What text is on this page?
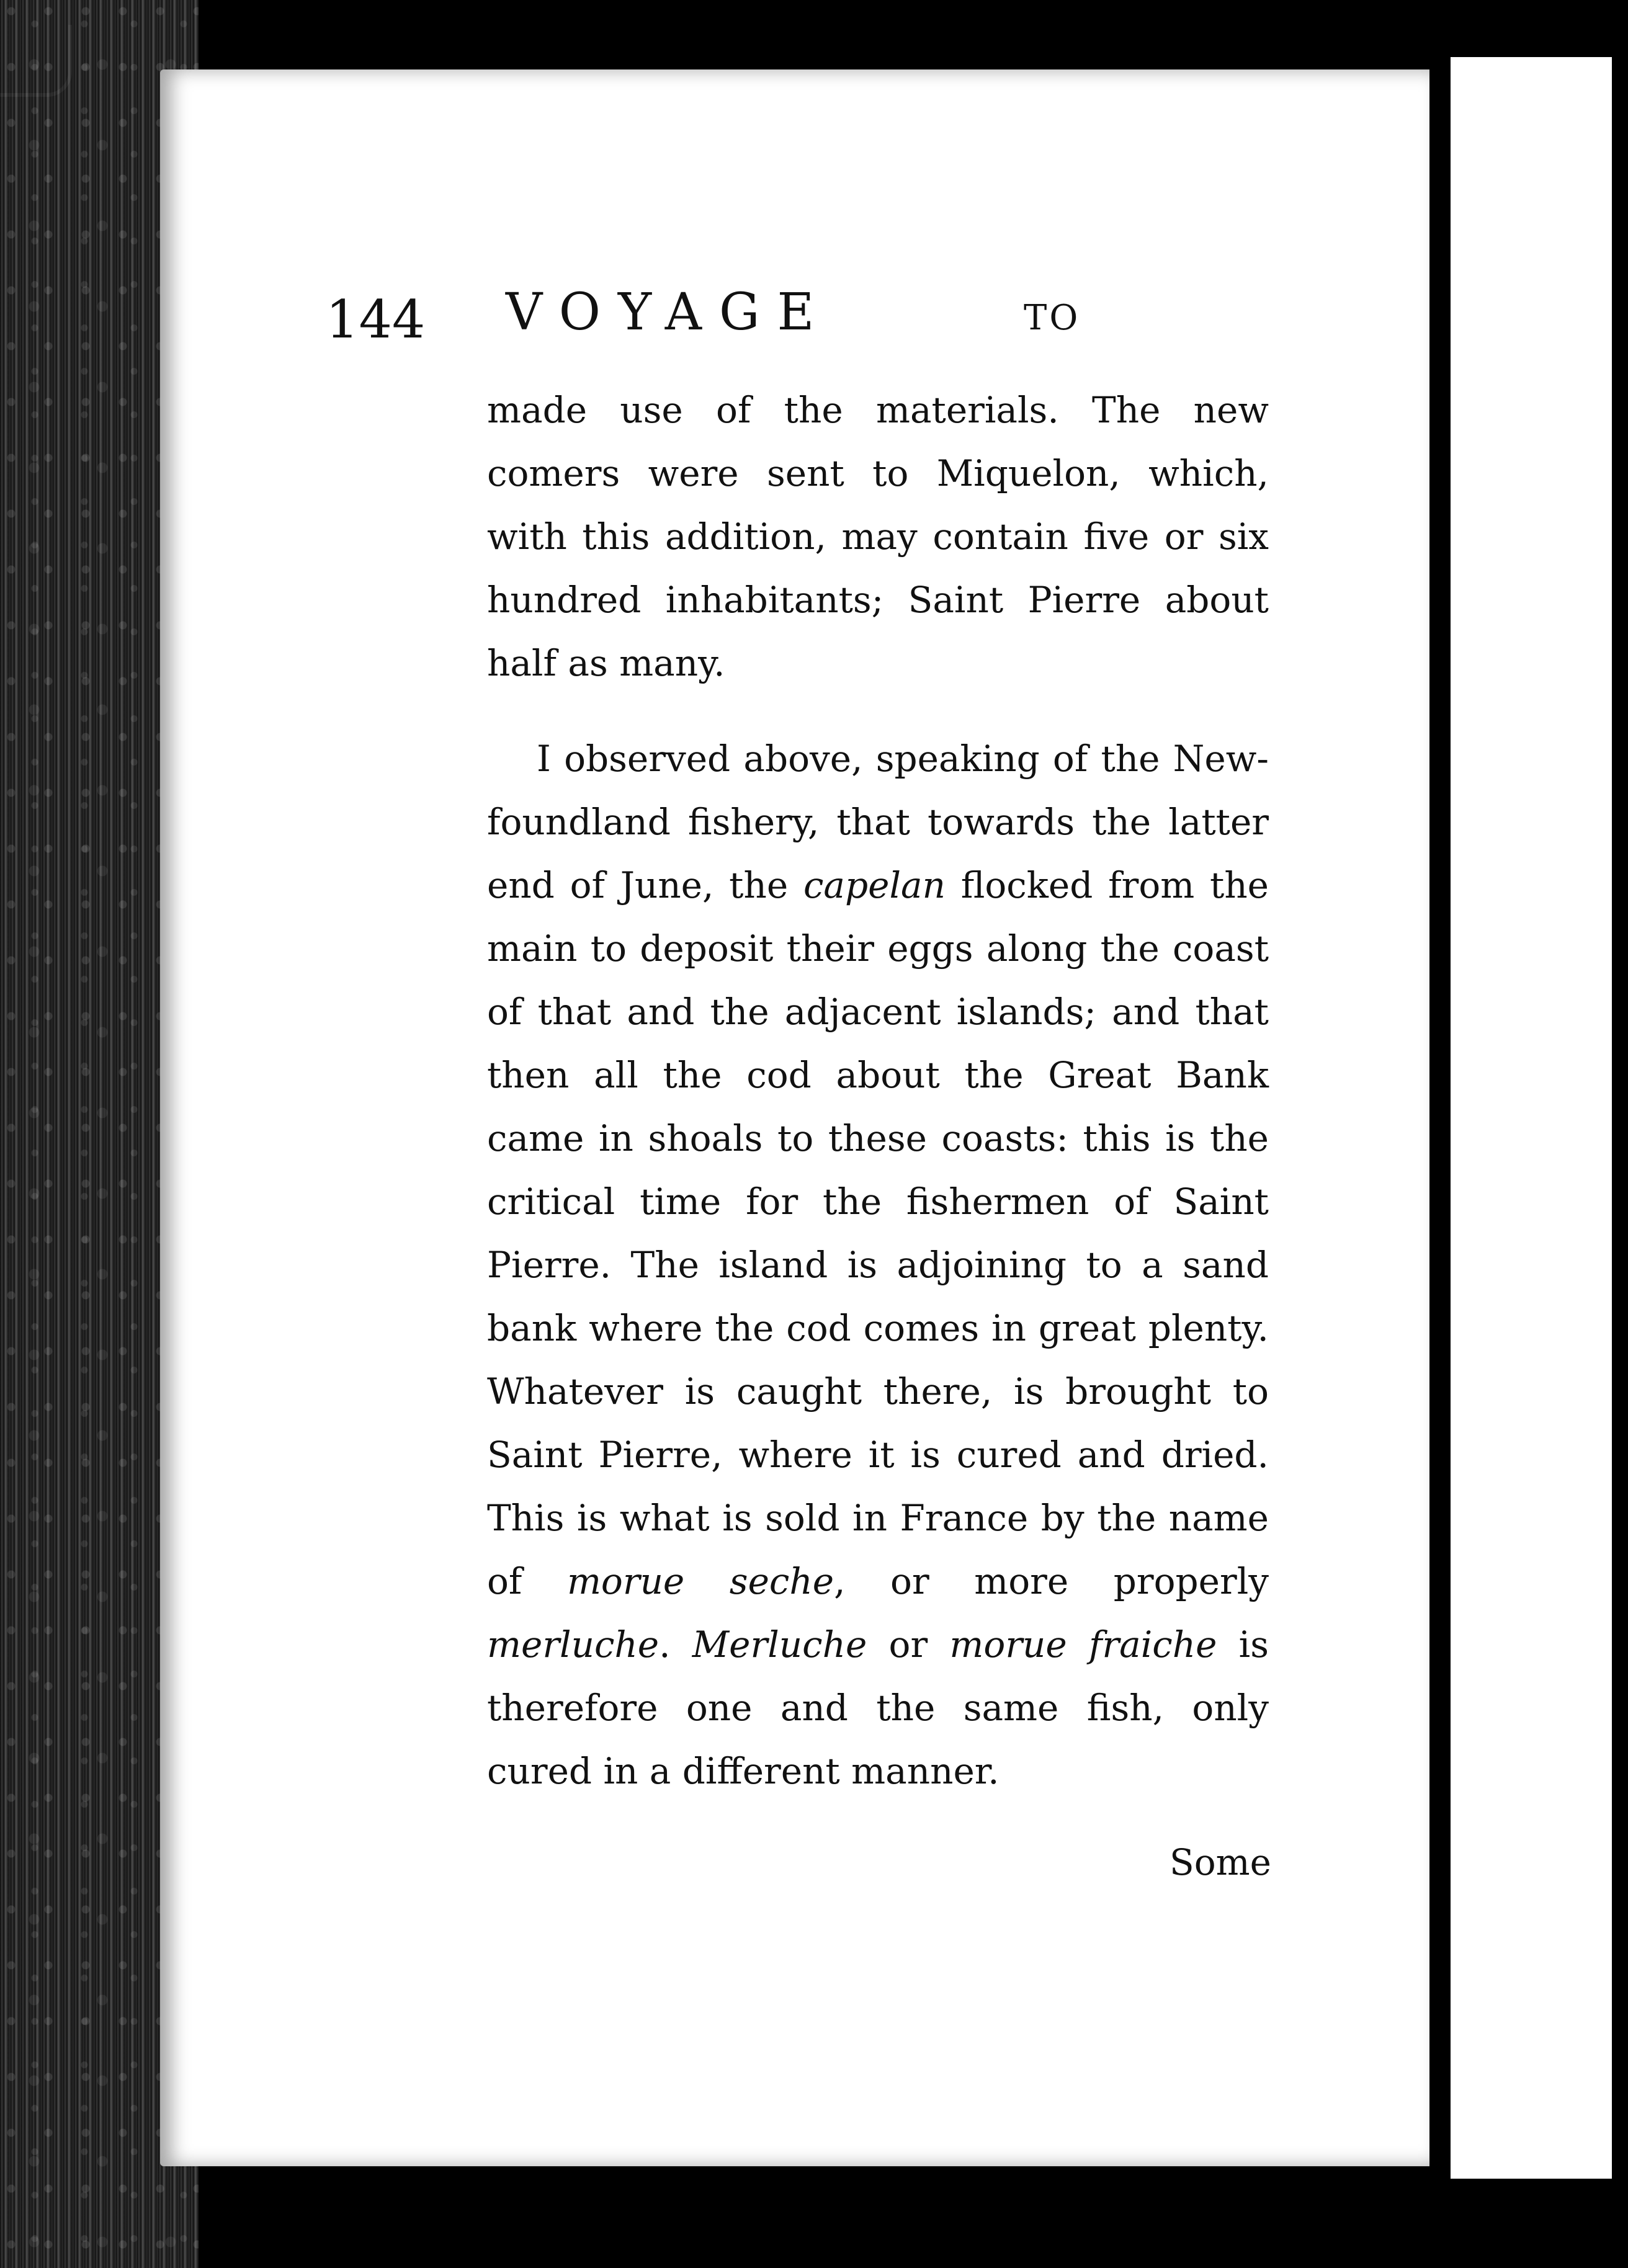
144 VOYAGE	TO

made use of the materials. The new comers were sent to Miquelon, which, with this addition, may contain five or six hundred inhabitants; Saint Pierre about half as many.

I observed above, speaking of the New-foundland fishery, that towards the latter end of June, the capelan flocked from the main to deposit their eggs along the coast of that and the adjacent islands; and that then all the cod about the Great Bank came in shoals to these coasts: this is the critical time for the fishermen of Saint Pierre. The island is adjoining to a sand bank where the cod comes in great plenty. Whatever is caught there, is brought to Saint Pierre, where it is cured and dried. This is what is sold in France by the name of morue seche, or more properly merluche. Merluche or morue fraiche is therefore one and the same fish, only cured in a different manner.

Some
